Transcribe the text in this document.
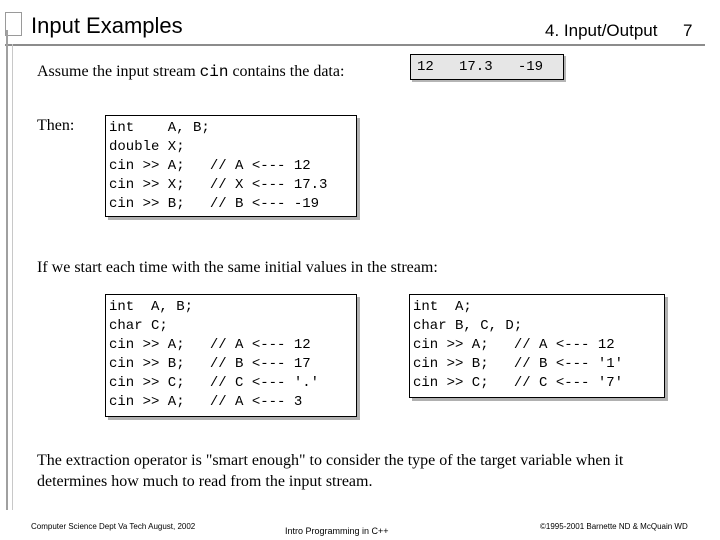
Input Examples	4. Input/Output 7
Assume the input stream cin contains the data:	12   17.3   -19
Then: int    A, B;
double X;
cin >> A;   // A <--- 12
cin >> X;   // X <--- 17.3
cin >> B;   // B <--- -19
If we start each time with the same initial values in the stream:
int  A, B;
char C;
cin >> A;   // A <--- 12
cin >> B;   // B <--- 17
cin >> C;   // C <--- '.'
cin >> A;   // A <--- 3
int  A;
char B, C, D;
cin >> A;   // A <--- 12
cin >> B;   // B <--- '1'
cin >> C;   // C <--- '7'
The extraction operator is "smart enough" to consider the type of the target variable when it determines how much to read from the input stream.
Computer Science Dept Va Tech August, 2002	Intro Programming in C++	©1995-2001 Barnette ND & McQuain WD
